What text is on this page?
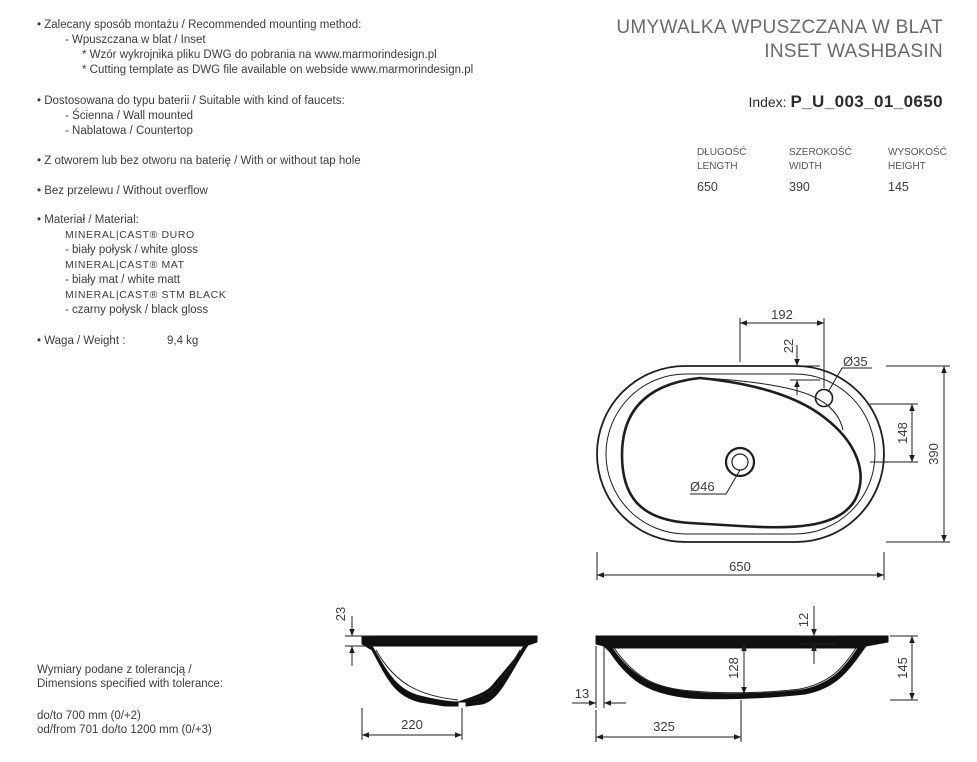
• Zalecany sposób montażu / Recommended mounting method:
- Wpuszczana w blat / Inset
* Wzór wykrojnika pliku DWG do pobrania na www.marmorindesign.pl
* Cutting template as DWG file available on webside www.marmorindesign.pl
• Dostosowana do typu baterii / Suitable with kind of faucets:
- Ścienna / Wall mounted
- Nablatowa / Countertop
• Z otworem lub bez otworu na baterię / With or without tap hole
• Bez przelewu / Without overflow
• Materiał / Material:
MINERAL|CAST® DURO
- biały połysk / white gloss
MINERAL|CAST® MAT
- biały mat / white matt
MINERAL|CAST® STM BLACK
- czarny połysk / black gloss
• Waga / Weight :	9,4 kg
UMYWALKA WPUSZCZANA W BLAT
INSET WASHBASIN
Index: P_U_003_01_0650
DŁUGOŚĆ
LENGTH
650
SZEROKOŚĆ
WIDTH
390
WYSOKOŚĆ
HEIGHT
145
Wymiary podane z tolerancją /
Dimensions specified with tolerance:
do/to 700 mm (0/+2)
od/from 701 do/to 1200 mm (0/+3)
192
22
Ø35
Ø46
148
390
650
23
220
12
128	145
13
325
